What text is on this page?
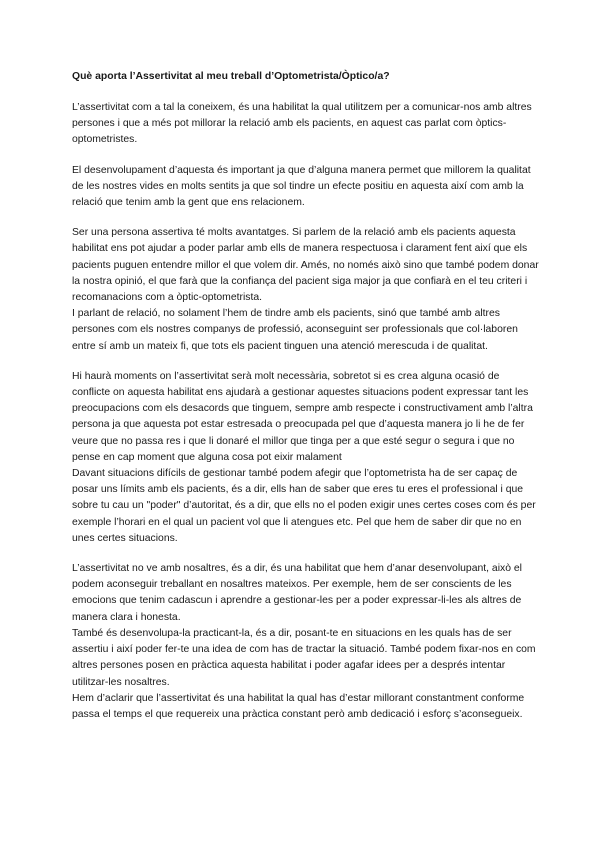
Què aporta l’Assertivitat al meu treball d’Optometrista/Òptico/a?

L’assertivitat com a tal la coneixem, és una habilitat la qual utilitzem per a comunicar-nos amb altres persones i que a més pot millorar la relació amb els pacients, en aquest cas parlat com òptics-optometristes.

El desenvolupament d’aquesta és important ja que d’alguna manera permet que millorem la qualitat de les nostres vides en molts sentits ja que sol tindre un efecte positiu en aquesta així com amb la relació que tenim amb la gent que ens relacionem.

Ser una persona assertiva té molts avantatges. Si parlem de la relació amb els pacients aquesta habilitat ens pot ajudar a poder parlar amb ells de manera respectuosa i clarament fent així que els pacients puguen entendre millor el que volem dir. Amés, no només això sino que també podem donar la nostra opinió, el que farà que la confiança del pacient siga major ja que confiarà en el teu criteri i recomanacions com a òptic-optometrista.

I parlant de relació, no solament l’hem de tindre amb els pacients, sinó que també amb altres persones com els nostres companys de professió, aconseguint ser professionals que col·laboren entre sí amb un mateix fi, que tots els pacient tinguen una atenció merescuda i de qualitat.

Hi haurà moments on l’assertivitat serà molt necessària, sobretot si es crea alguna ocasió de conflicte on aquesta habilitat ens ajudarà a gestionar aquestes situacions podent expressar tant les preocupacions com els desacords que tinguem, sempre amb respecte i constructivament amb l’altra persona ja que aquesta pot estar estresada o preocupada pel que d’aquesta manera jo li he de fer veure que no passa res i que li donaré el millor que tinga per a que esté segur o segura i que no pense en cap moment que alguna cosa pot eixir malament

Davant situacions difícils de gestionar també podem afegir que l’optometrista ha de ser capaç de posar uns límits amb els pacients, és a dir, ells han de saber que eres tu eres el professional i que sobre tu cau un "poder" d’autoritat, és a dir, que ells no el poden exigir unes certes coses com és per exemple l’horari en el qual un pacient vol que li atengues etc. Pel que hem de saber dir que no en unes certes situacions.

L’assertivitat no ve amb nosaltres, és a dir, és una habilitat que hem d’anar desenvolupant, això el podem aconseguir treballant en nosaltres mateixos. Per exemple, hem de ser conscients de les emocions que tenim cadascun i aprendre a gestionar-les per a poder expressar-li-les als altres de manera clara i honesta.

També és desenvolupa-la practicant-la, és a dir, posant-te en situacions en les quals has de ser assertiu i així poder fer-te una idea de com has de tractar la situació. També podem fixar-nos en com altres persones posen en pràctica aquesta habilitat i poder agafar idees per a després intentar utilitzar-les nosaltres.

Hem d’aclarir que l’assertivitat és una habilitat la qual has d’estar millorant constantment conforme passa el temps el que requereix una pràctica constant però amb dedicació i esforç s’aconsegueix.
